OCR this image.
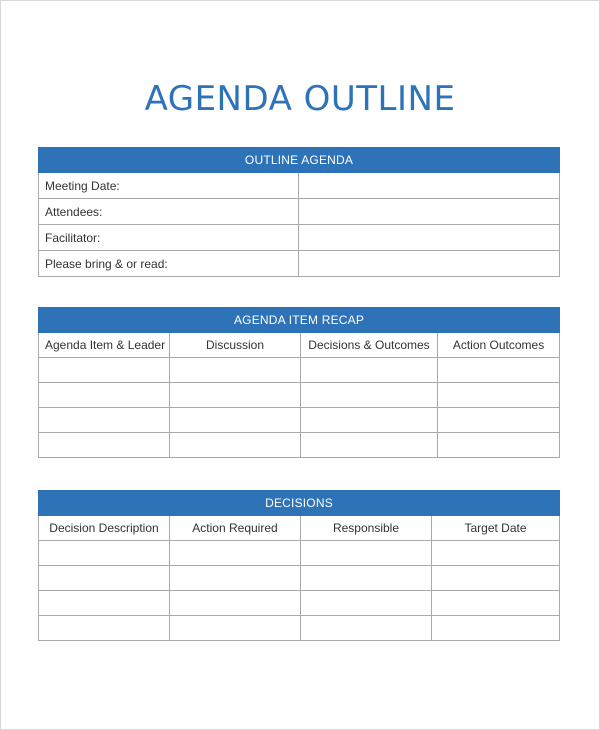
AGENDA OUTLINE
OUTLINE AGENDA	
Meeting Date:	
Attendees:	
Facilitator:	
Please bring & or read:	
AGENDA ITEM RECAP			
Agenda Item & Leader	Discussion	Decisions & Outcomes	Action Outcomes

DECISIONS			
Decision Description	Action Required	Responsible	Target Date
